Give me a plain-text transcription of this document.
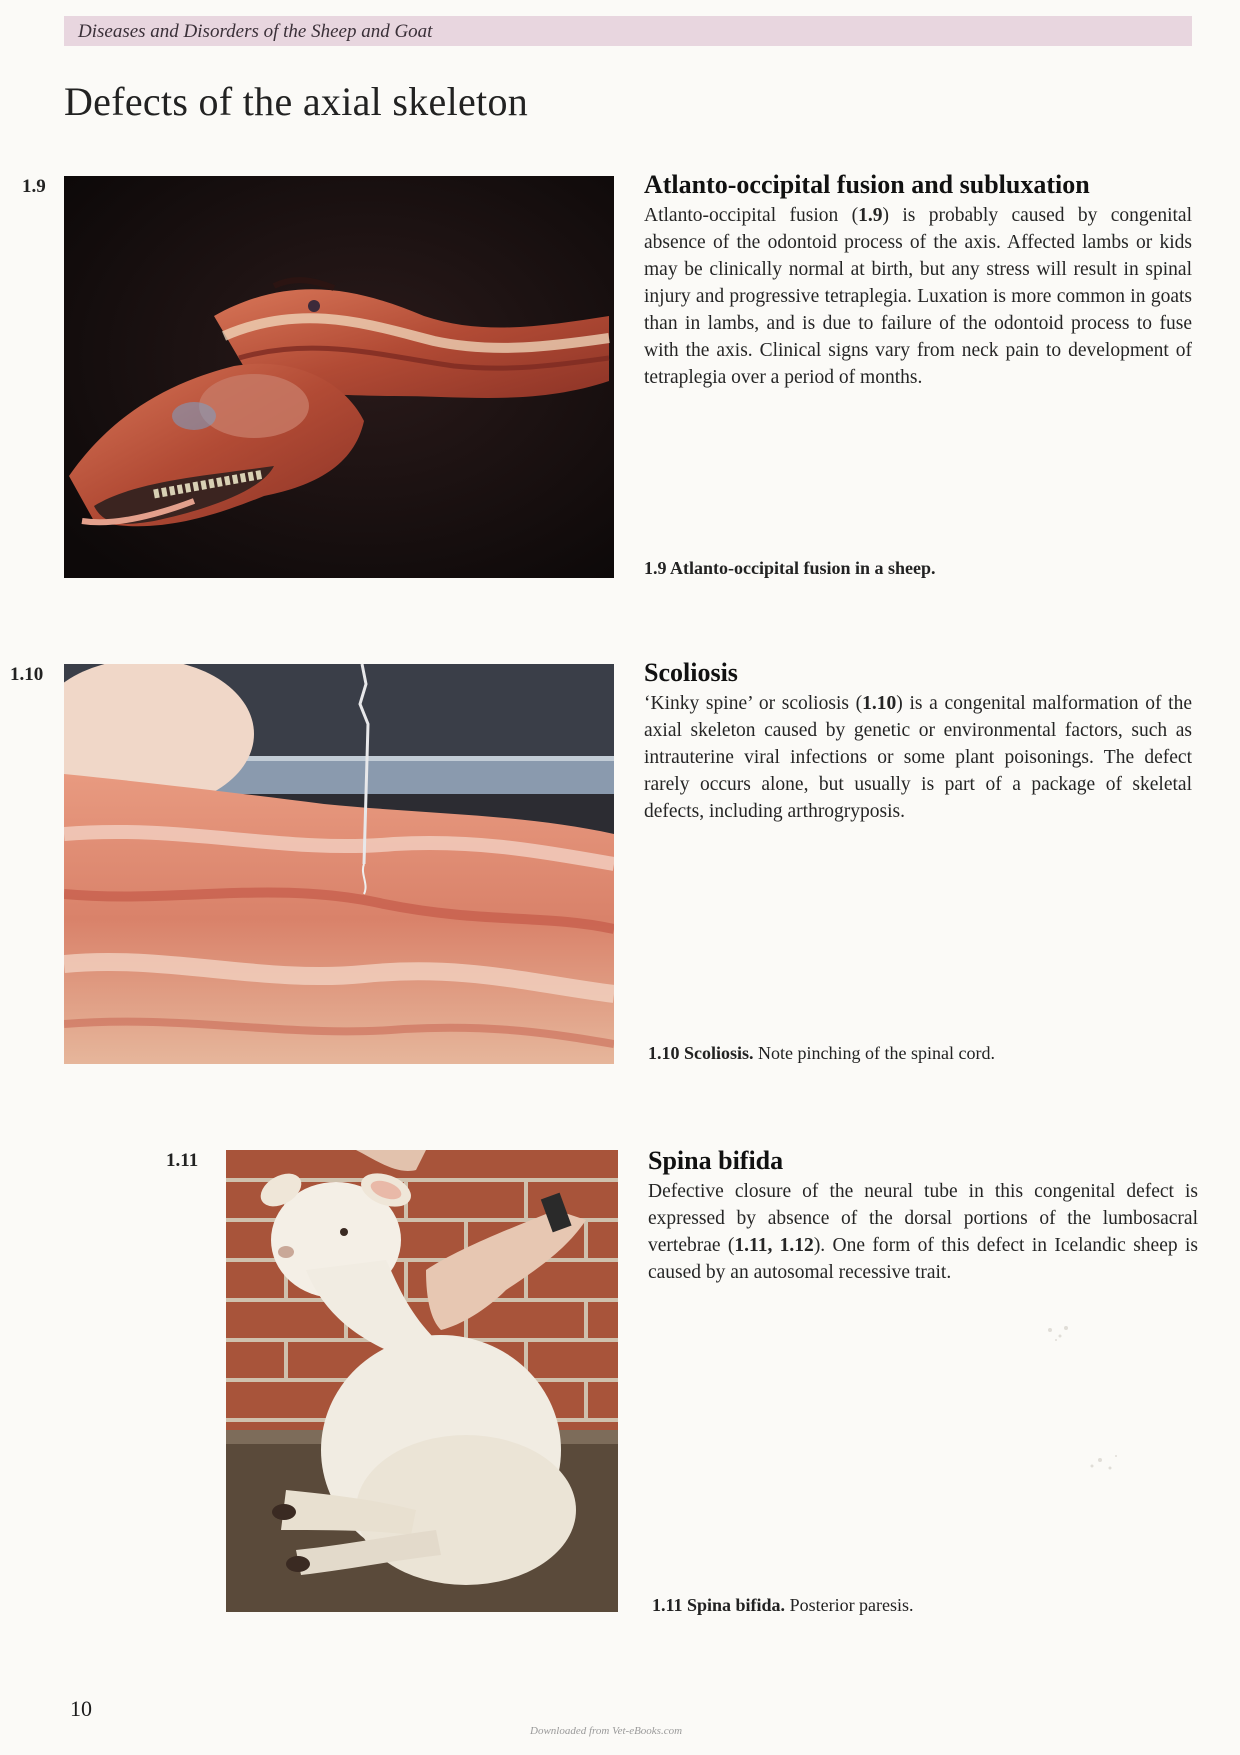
Diseases and Disorders of the Sheep and Goat
Defects of the axial skeleton
1.9	Atlanto-occipital fusion and subluxation
Atlanto-occipital fusion (1.9) is probably caused by congenital absence of the odontoid process of the axis. Affected lambs or kids may be clinically normal at birth, but any stress will result in spinal injury and progressive tetraplegia. Luxation is more common in goats than in lambs, and is due to failure of the odontoid process to fuse with the axis. Clinical signs vary from neck pain to development of tetraplegia over a period of months.
1.9 Atlanto-occipital fusion in a sheep.
1.10	Scoliosis
‘Kinky spine’ or scoliosis (1.10) is a congenital malformation of the axial skeleton caused by genetic or environmental factors, such as intrauterine viral infections or some plant poisonings. The defect rarely occurs alone, but usually is part of a package of skeletal defects, including arthrogryposis.
1.10 Scoliosis. Note pinching of the spinal cord.
1.11	Spina bifida
Defective closure of the neural tube in this congenital defect is expressed by absence of the dorsal portions of the lumbosacral vertebrae (1.11, 1.12). One form of this defect in Icelandic sheep is caused by an autosomal recessive trait.
1.11 Spina bifida. Posterior paresis.
10
Downloaded from Vet-eBooks.com
